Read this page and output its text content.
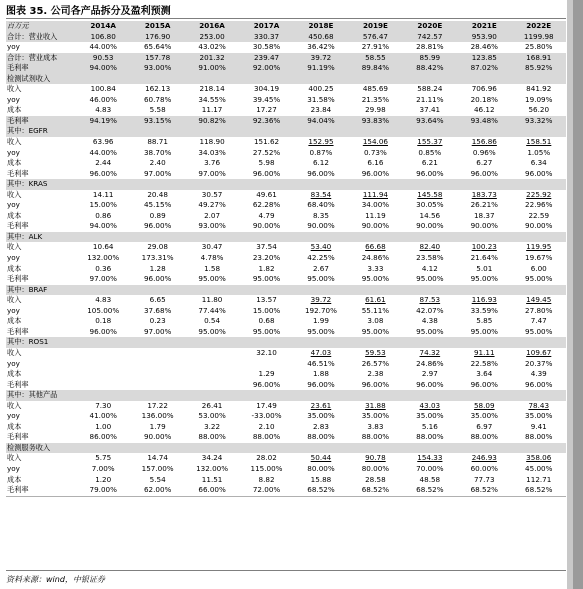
图表 35. 公司各产品拆分及盈利预测
百万元	2014A	2015A	2016A	2017A	2018E	2019E	2020E	2021E	2022E
合计：营业收入	106.80	176.90	253.00	330.37	450.68	576.47	742.57	953.90	1199.98
yoy	44.00%	65.64%	43.02%	30.58%	36.42%	27.91%	28.81%	28.46%	25.80%
合计：营业成本	90.53	157.78	201.32	239.47	39.72	58.55	85.99	123.85	168.91
毛利率	94.00%	93.00%	91.00%	92.00%	91.19%	89.84%	88.42%	87.02%	85.92%
检测试剂收入									
收入	100.84	162.13	218.14	304.19	400.25	485.69	588.24	706.96	841.92
yoy	46.00%	60.78%	34.55%	39.45%	31.58%	21.35%	21.11%	20.18%	19.09%
成本	4.83	5.58	11.17	17.27	23.84	29.98	37.41	46.12	56.20
毛利率	94.19%	93.15%	90.82%	92.36%	94.04%	93.83%	93.64%	93.48%	93.32%
其中：EGFR									
收入	63.96	88.71	118.90	151.62	152.95	154.06	155.37	156.86	158.51
yoy	44.00%	38.70%	34.03%	27.52%	0.87%	0.73%	0.85%	0.96%	1.05%
成本	2.44	2.40	3.76	5.98	6.12	6.16	6.21	6.27	6.34
毛利率	96.00%	97.00%	97.00%	96.00%	96.00%	96.00%	96.00%	96.00%	96.00%
其中：KRAS									
收入	14.11	20.48	30.57	49.61	83.54	111.94	145.58	183.73	225.92
yoy	15.00%	45.15%	49.27%	62.28%	68.40%	34.00%	30.05%	26.21%	22.96%
成本	0.86	0.89	2.07	4.79	8.35	11.19	14.56	18.37	22.59
毛利率	94.00%	96.00%	93.00%	90.00%	90.00%	90.00%	90.00%	90.00%	90.00%
其中：ALK									
收入	10.64	29.08	30.47	37.54	53.40	66.68	82.40	100.23	119.95
yoy	132.00%	173.31%	4.78%	23.20%	42.25%	24.86%	23.58%	21.64%	19.67%
成本	0.36	1.28	1.58	1.82	2.67	3.33	4.12	5.01	6.00
毛利率	97.00%	96.00%	95.00%	95.00%	95.00%	95.00%	95.00%	95.00%	95.00%
其中：BRAF									
收入	4.83	6.65	11.80	13.57	39.72	61.61	87.53	116.93	149.45
yoy	105.00%	37.68%	77.44%	15.00%	192.70%	55.11%	42.07%	33.59%	27.80%
成本	0.18	0.23	0.54	0.68	1.99	3.08	4.38	5.85	7.47
毛利率	96.00%	97.00%	95.00%	95.00%	95.00%	95.00%	95.00%	95.00%	95.00%
其中：ROS1									
收入				32.10	47.03	59.53	74.32	91.11	109.67
yoy					46.51%	26.57%	24.86%	22.58%	20.37%
成本				1.29	1.88	2.38	2.97	3.64	4.39
毛利率				96.00%	96.00%	96.00%	96.00%	96.00%	96.00%
其中：其他产品									
收入	7.30	17.22	26.41	17.49	23.61	31.88	43.03	58.09	78.43
yoy	41.00%	136.00%	53.00%	-33.00%	35.00%	35.00%	35.00%	35.00%	35.00%
成本	1.00	1.79	3.22	2.10	2.83	3.83	5.16	6.97	9.41
毛利率	86.00%	90.00%	88.00%	88.00%	88.00%	88.00%	88.00%	88.00%	88.00%
检测服务收入									
收入	5.75	14.74	34.24	28.02	50.44	90.78	154.33	246.93	358.06
yoy	7.00%	157.00%	132.00%	115.00%	80.00%	80.00%	70.00%	60.00%	45.00%
成本	1.20	5.54	11.51	8.82	15.88	28.58	48.58	77.73	112.71
毛利率	79.00%	62.00%	66.00%	72.00%	68.52%	68.52%	68.52%	68.52%	68.52%
资料来源：wind，中银证券
